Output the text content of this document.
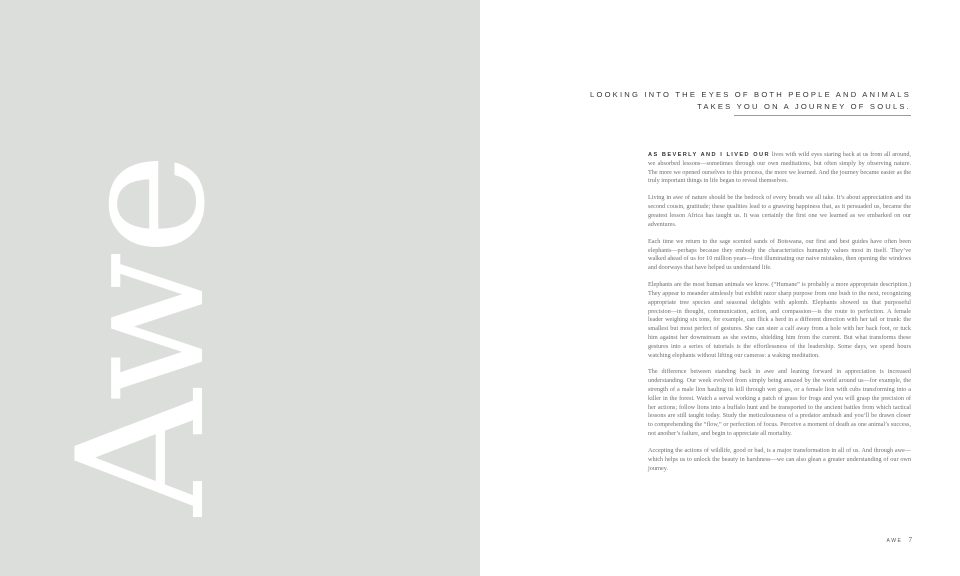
Awe
LOOKING INTO THE EYES OF BOTH PEOPLE AND ANIMALS
TAKES YOU ON A JOURNEY OF SOULS.

AS BEVERLY AND I LIVED OUR lives with wild eyes staring back at us from all around, we absorbed lessons—sometimes through our own meditations, but often simply by observing nature. The more we opened ourselves to this process, the more we learned. And the journey became easier as the truly important things in life began to reveal themselves.

Living in awe of nature should be the bedrock of every breath we all take. It’s about appreciation and its second cousin, gratitude; these qualities lead to a gnawing happiness that, as it persuaded us, became the greatest lesson Africa has taught us. It was certainly the first one we learned as we embarked on our adventures.

Each time we return to the sage scented sands of Botswana, our first and best guides have often been elephants—perhaps because they embody the characteristics humanity values most in itself. They’ve walked ahead of us for 10 million years—first illuminating our naive mistakes, then opening the windows and doorways that have helped us understand life.

Elephants are the most human animals we know. (“Humane” is probably a more appropriate description.) They appear to meander aimlessly but exhibit razor sharp purpose from one bush to the next, recognizing appropriate tree species and seasonal delights with aplomb. Elephants showed us that purposeful precision—in thought, communication, action, and compassion—is the route to perfection. A female leader weighing six tons, for example, can flick a herd in a different direction with her tail or trunk: the smallest but most perfect of gestures. She can steer a calf away from a hole with her back foot, or tuck him against her downstream as she swims, shielding him from the current. But what transforms these gestures into a series of tutorials is the effortlessness of the leadership. Some days, we spend hours watching elephants without lifting our cameras: a waking meditation.

The difference between standing back in awe and leaning forward in appreciation is increased understanding. Our week evolved from simply being amazed by the world around us—for example, the strength of a male lion hauling its kill through wet grass, or a female lion with cubs transforming into a killer in the forest. Watch a serval working a patch of grass for frogs and you will grasp the precision of her actions; follow lions into a buffalo hunt and be transported to the ancient battles from which tactical lessons are still taught today. Study the meticulousness of a predator ambush and you’ll be drawn closer to comprehending the “flow,” or perfection of focus. Perceive a moment of death as one animal’s success, not another’s failure, and begin to appreciate all mortality.

Accepting the actions of wildlife, good or bad, is a major transformation in all of us. And through awe—which helps us to unlock the beauty in harshness—we can also glean a greater understanding of our own journey.

AWE 7
